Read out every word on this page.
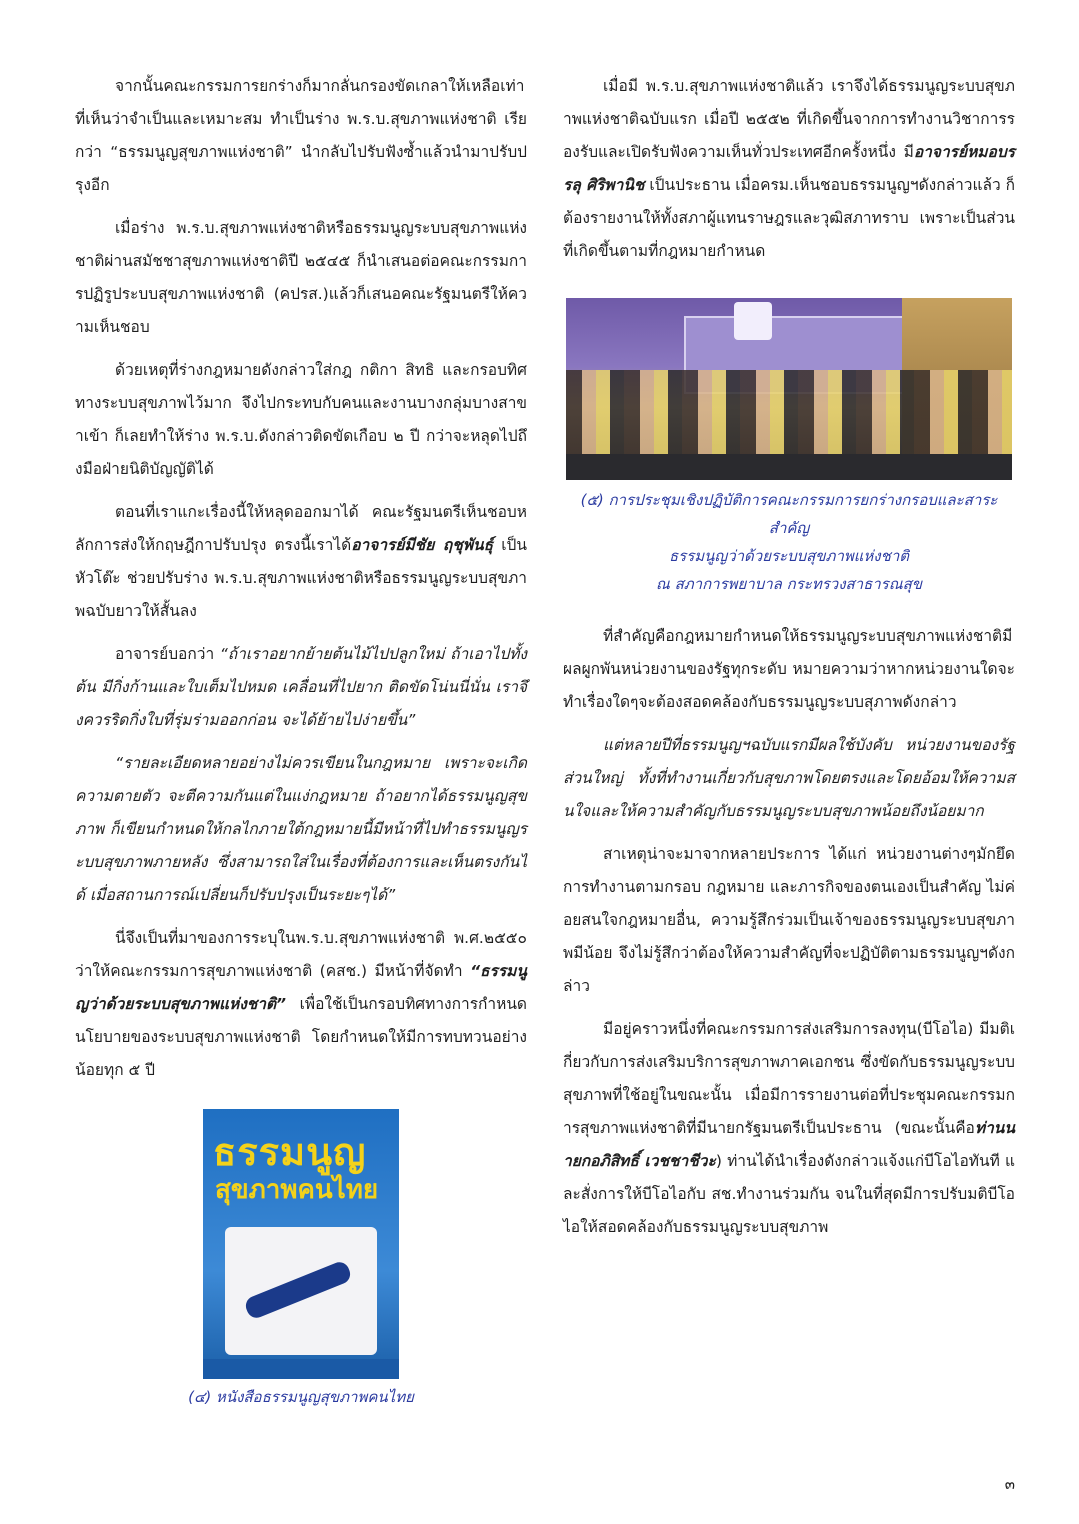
จากนั้นคณะกรรมการยกร่างก็มากลั่นกรองขัดเกลาให้เหลือเท่าที่เห็นว่าจำเป็นและเหมาะสม ทำเป็นร่าง พ.ร.บ.สุขภาพแห่งชาติ เรียกว่า “ธรรมนูญสุขภาพแห่งชาติ” นำกลับไปรับฟังซ้ำแล้วนำมาปรับปรุงอีก

เมื่อร่าง พ.ร.บ.สุขภาพแห่งชาติหรือธรรมนูญระบบสุขภาพแห่งชาติผ่านสมัชชาสุขภาพแห่งชาติปี ๒๕๔๕ ก็นำเสนอต่อคณะกรรมการปฏิรูประบบสุขภาพแห่งชาติ (คปรส.)แล้วก็เสนอคณะรัฐมนตรีให้ความเห็นชอบ

ด้วยเหตุที่ร่างกฎหมายดังกล่าวใส่กฎ กติกา สิทธิ และกรอบทิศทางระบบสุขภาพไว้มาก จึงไปกระทบกับคนและงานบางกลุ่มบางสาขาเข้า ก็เลยทำให้ร่าง พ.ร.บ.ดังกล่าวติดขัดเกือบ ๒ ปี กว่าจะหลุดไปถึงมือฝ่ายนิติบัญญัติได้

ตอนที่เราแกะเรื่องนี้ให้หลุดออกมาได้ คณะรัฐมนตรีเห็นชอบหลักการส่งให้กฤษฎีกาปรับปรุง ตรงนี้เราได้อาจารย์มีชัย ฤชุพันธุ์ เป็นหัวโต๊ะ ช่วยปรับร่าง พ.ร.บ.สุขภาพแห่งชาติหรือธรรมนูญระบบสุขภาพฉบับยาวให้สั้นลง

อาจารย์บอกว่า “ถ้าเราอยากย้ายต้นไม้ไปปลูกใหม่ ถ้าเอาไปทั้งต้น มีกิ่งก้านและใบเต็มไปหมด เคลื่อนที่ไปยาก ติดขัดโน่นนี่นั่น เราจึงควรริดกิ่งใบที่รุ่มร่ามออกก่อน จะได้ย้ายไปง่ายขึ้น”

“รายละเอียดหลายอย่างไม่ควรเขียนในกฎหมาย เพราะจะเกิดความตายตัว จะตีความกันแต่ในแง่กฎหมาย ถ้าอยากได้ธรรมนูญสุขภาพ ก็เขียนกำหนดให้กลไกภายใต้กฎหมายนี้มีหน้าที่ไปทำธรรมนูญระบบสุขภาพภายหลัง ซึ่งสามารถใส่ในเรื่องที่ต้องการและเห็นตรงกันได้ เมื่อสถานการณ์เปลี่ยนก็ปรับปรุงเป็นระยะๆได้”

นี่จึงเป็นที่มาของการระบุในพ.ร.บ.สุขภาพแห่งชาติ พ.ศ.๒๕๕๐ ว่าให้คณะกรรมการสุขภาพแห่งชาติ (คสช.) มีหน้าที่จัดทำ “ธรรมนูญว่าด้วยระบบสุขภาพแห่งชาติ” เพื่อใช้เป็นกรอบทิศทางการกำหนดนโยบายของระบบสุขภาพแห่งชาติ โดยกำหนดให้มีการทบทวนอย่างน้อยทุก ๕ ปี

ธรรมนูญ
สุขภาพคนไทย
(๔) หนังสือธรรมนูญสุขภาพคนไทย

เมื่อมี พ.ร.บ.สุขภาพแห่งชาติแล้ว เราจึงได้ธรรมนูญระบบสุขภาพแห่งชาติฉบับแรก เมื่อปี ๒๕๕๒ ที่เกิดขึ้นจากการทำงานวิชาการรองรับและเปิดรับฟังความเห็นทั่วประเทศอีกครั้งหนึ่ง มีอาจารย์หมอบรรลุ ศิริพานิช เป็นประธาน เมื่อครม.เห็นชอบธรรมนูญฯดังกล่าวแล้ว ก็ต้องรายงานให้ทั้งสภาผู้แทนราษฎรและวุฒิสภาทราบ เพราะเป็นส่วนที่เกิดขึ้นตามที่กฎหมายกำหนด

(๕) การประชุมเชิงปฏิบัติการคณะกรรมการยกร่างกรอบและสาระสำคัญ
ธรรมนูญว่าด้วยระบบสุขภาพแห่งชาติ
ณ สภาการพยาบาล กระทรวงสาธารณสุข

ที่สำคัญคือกฎหมายกำหนดให้ธรรมนูญระบบสุขภาพแห่งชาติมีผลผูกพันหน่วยงานของรัฐทุกระดับ หมายความว่าหากหน่วยงานใดจะทำเรื่องใดๆจะต้องสอดคล้องกับธรรมนูญระบบสุภาพดังกล่าว

แต่หลายปีที่ธรรมนูญฯฉบับแรกมีผลใช้บังคับ หน่วยงานของรัฐส่วนใหญ่ ทั้งที่ทำงานเกี่ยวกับสุขภาพโดยตรงและโดยอ้อมให้ความสนใจและให้ความสำคัญกับธรรมนูญระบบสุขภาพน้อยถึงน้อยมาก

สาเหตุน่าจะมาจากหลายประการ ได้แก่ หน่วยงานต่างๆมักยึดการทำงานตามกรอบ กฎหมาย และภารกิจของตนเองเป็นสำคัญ ไม่ค่อยสนใจกฎหมายอื่น, ความรู้สึกร่วมเป็นเจ้าของธรรมนูญระบบสุขภาพมีน้อย จึงไม่รู้สึกว่าต้องให้ความสำคัญที่จะปฏิบัติตามธรรมนูญฯดังกล่าว

มีอยู่คราวหนึ่งที่คณะกรรมการส่งเสริมการลงทุน(บีโอไอ) มีมติเกี่ยวกับการส่งเสริมบริการสุขภาพภาคเอกชน ซึ่งขัดกับธรรมนูญระบบสุขภาพที่ใช้อยู่ในขณะนั้น เมื่อมีการรายงานต่อที่ประชุมคณะกรรมการสุขภาพแห่งชาติที่มีนายกรัฐมนตรีเป็นประธาน (ขณะนั้นคือท่านนายกอภิสิทธิ์ เวชชาชีวะ) ท่านได้นำเรื่องดังกล่าวแจ้งแก่บีโอไอทันที และสั่งการให้บีโอไอกับ สช.ทำงานร่วมกัน จนในที่สุดมีการปรับมติบีโอไอให้สอดคล้องกับธรรมนูญระบบสุขภาพ

๓
